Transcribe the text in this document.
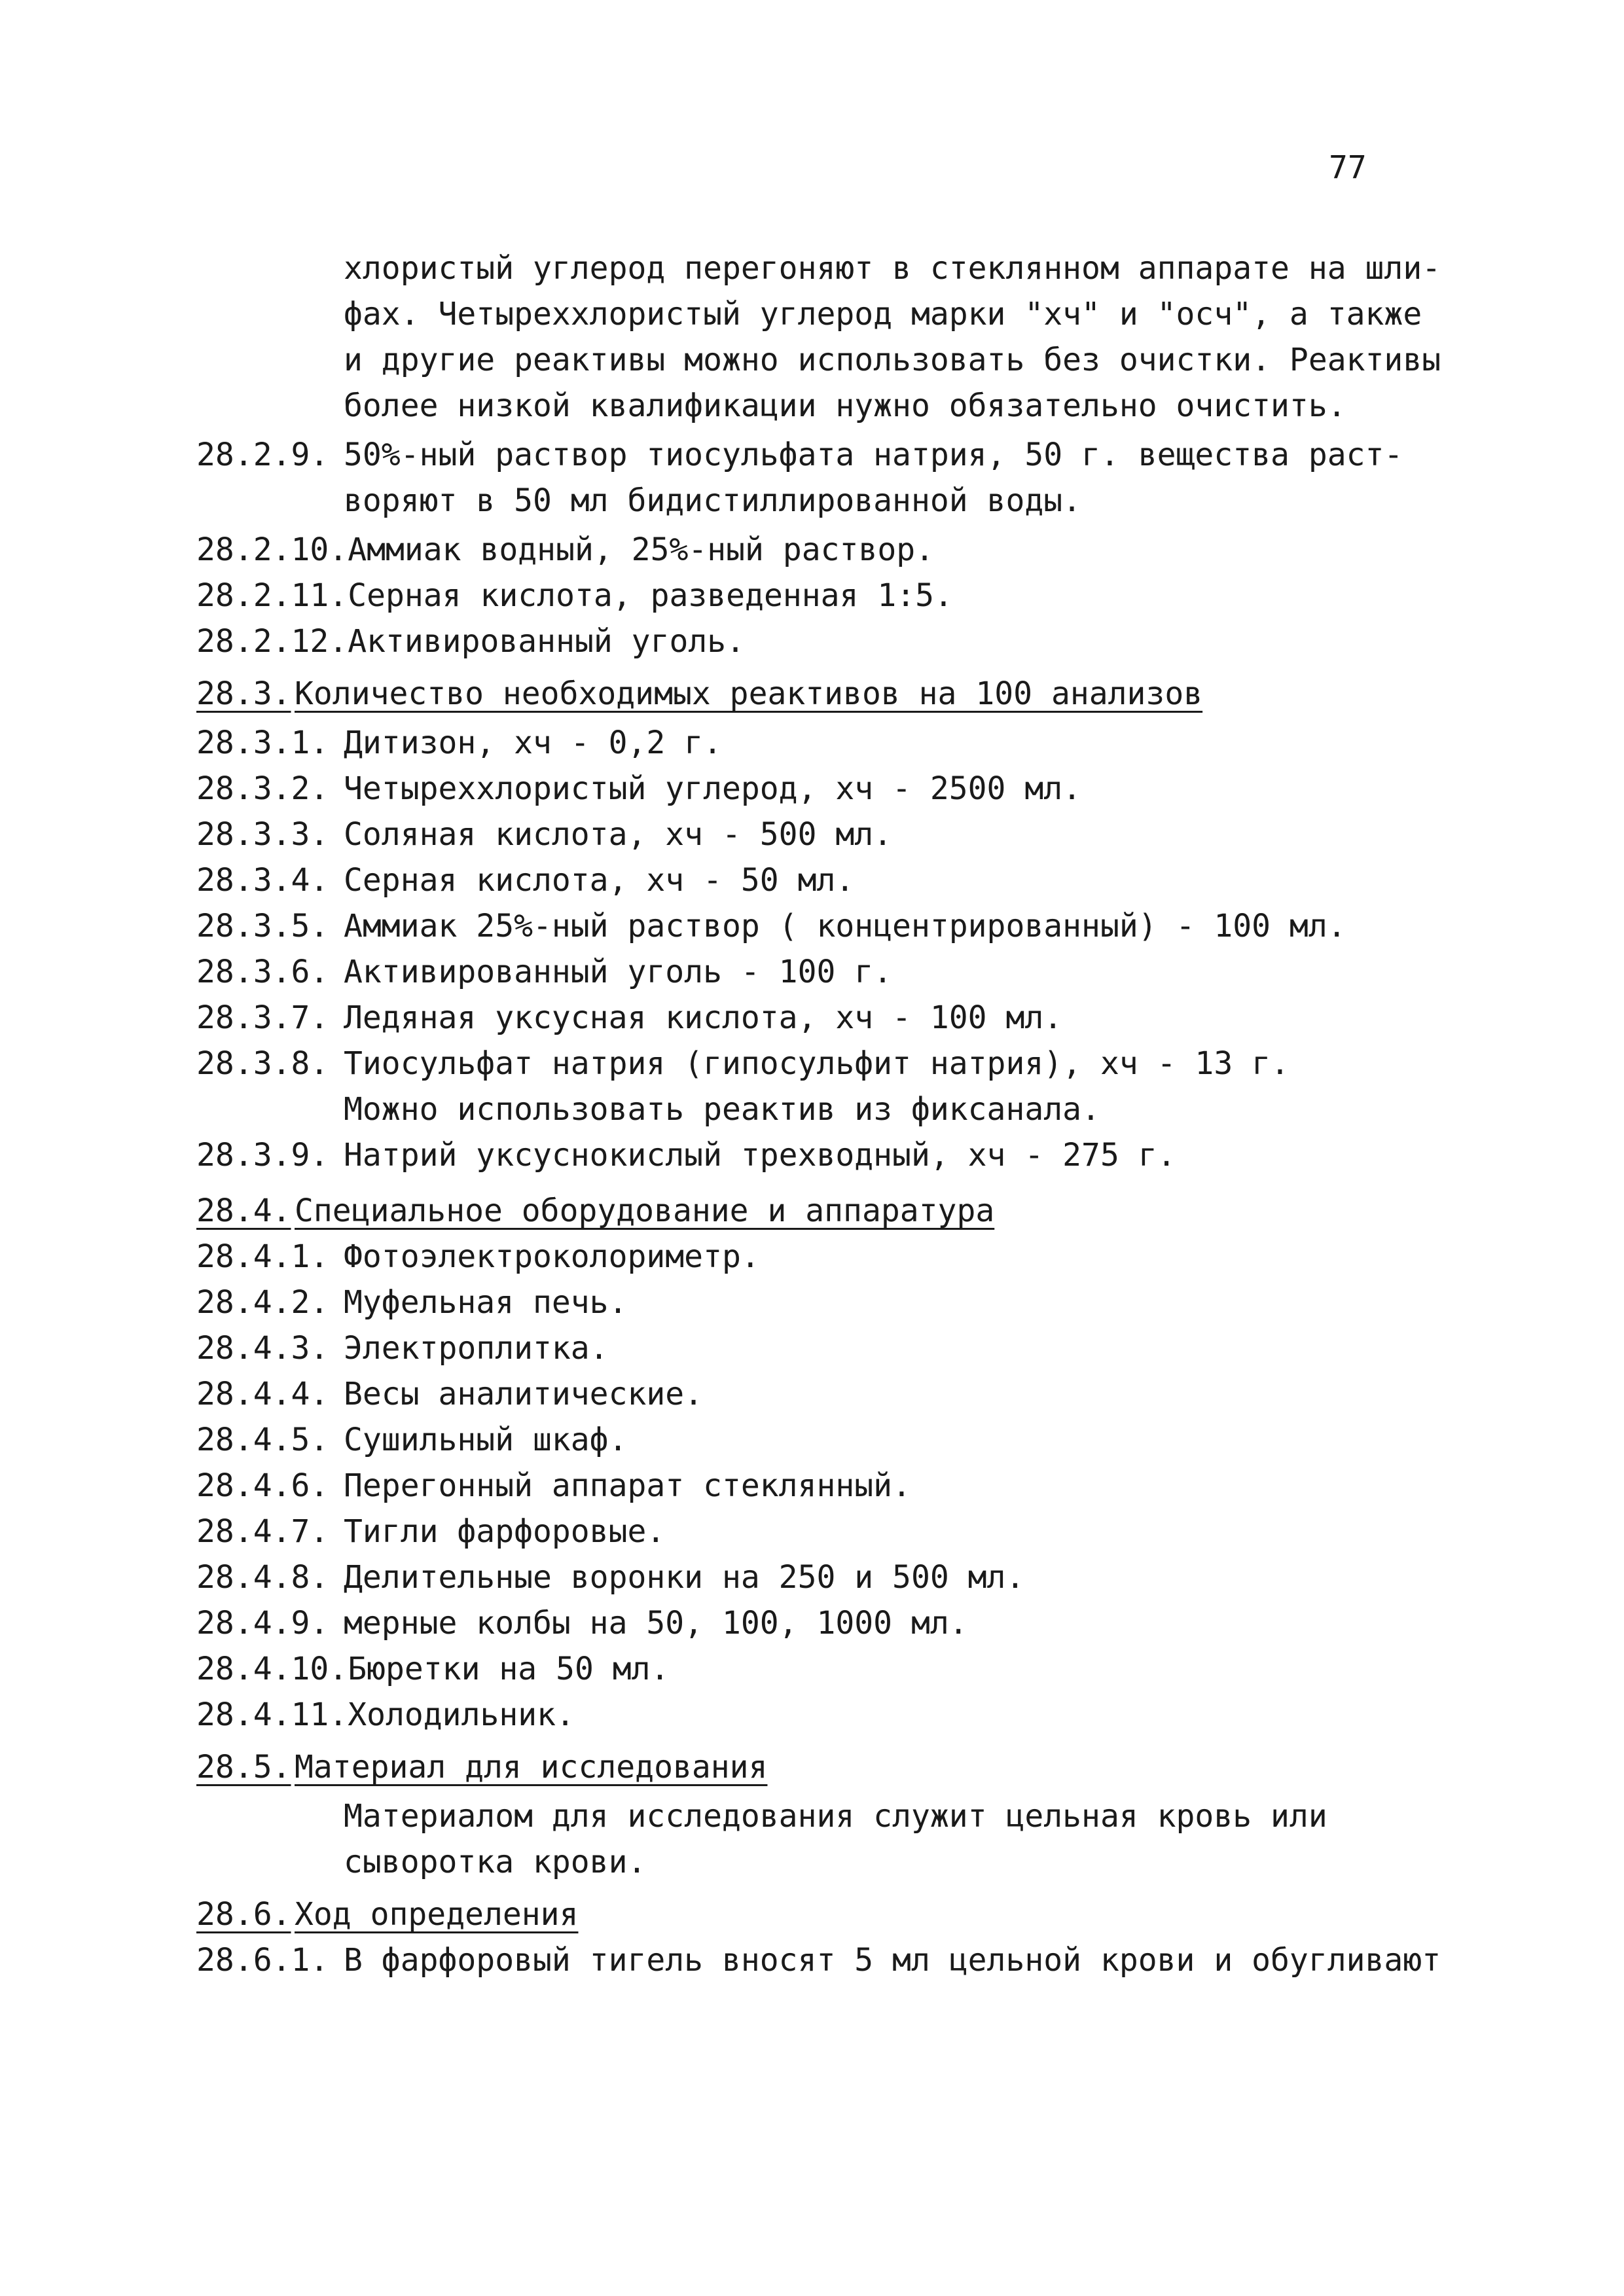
77
хлористый углерод перегоняют в стеклянном аппарате на шли-
фах. Четыреххлористый углерод марки "хч" и "осч", а также
и другие реактивы можно использовать без очистки. Реактивы
более низкой квалификации нужно обязательно очистить.
28.2.9. 50%-ный раствор тиосульфата натрия, 50 г. вещества раст-
воряют в 50 мл бидистиллированной воды.
28.2.10.Аммиак водный, 25%-ный раствор.
28.2.11.Серная кислота, разведенная 1:5.
28.2.12.Активированный уголь.
28.3. Количество необходимых реактивов на 100 анализов
28.3.1. Дитизон, хч - 0,2 г.
28.3.2. Четыреххлористый углерод, хч - 2500 мл.
28.3.3. Соляная кислота, хч - 500 мл.
28.3.4. Серная кислота, хч - 50 мл.
28.3.5. Аммиак 25%-ный раствор ( концентрированный) - 100 мл.
28.3.6. Активированный уголь - 100 г.
28.3.7. Ледяная уксусная кислота, хч - 100 мл.
28.3.8. Тиосульфат натрия (гипосульфит натрия), хч - 13 г.
Можно использовать реактив из фиксанала.
28.3.9. Натрий уксуснокислый трехводный, хч - 275 г.
28.4. Специальное оборудование и аппаратура
28.4.1. Фотоэлектроколориметр.
28.4.2. Муфельная печь.
28.4.3. Электроплитка.
28.4.4. Весы аналитические.
28.4.5. Сушильный шкаф.
28.4.6. Перегонный аппарат стеклянный.
28.4.7. Тигли фарфоровые.
28.4.8. Делительные воронки на 250 и 500 мл.
28.4.9. мерные колбы на 50, 100, 1000 мл.
28.4.10.Бюретки на 50 мл.
28.4.11.Холодильник.
28.5. Материал для исследования
Материалом для исследования служит цельная кровь или
сыворотка крови.
28.6. Ход определения
28.6.1. В фарфоровый тигель вносят 5 мл цельной крови и обугливают
